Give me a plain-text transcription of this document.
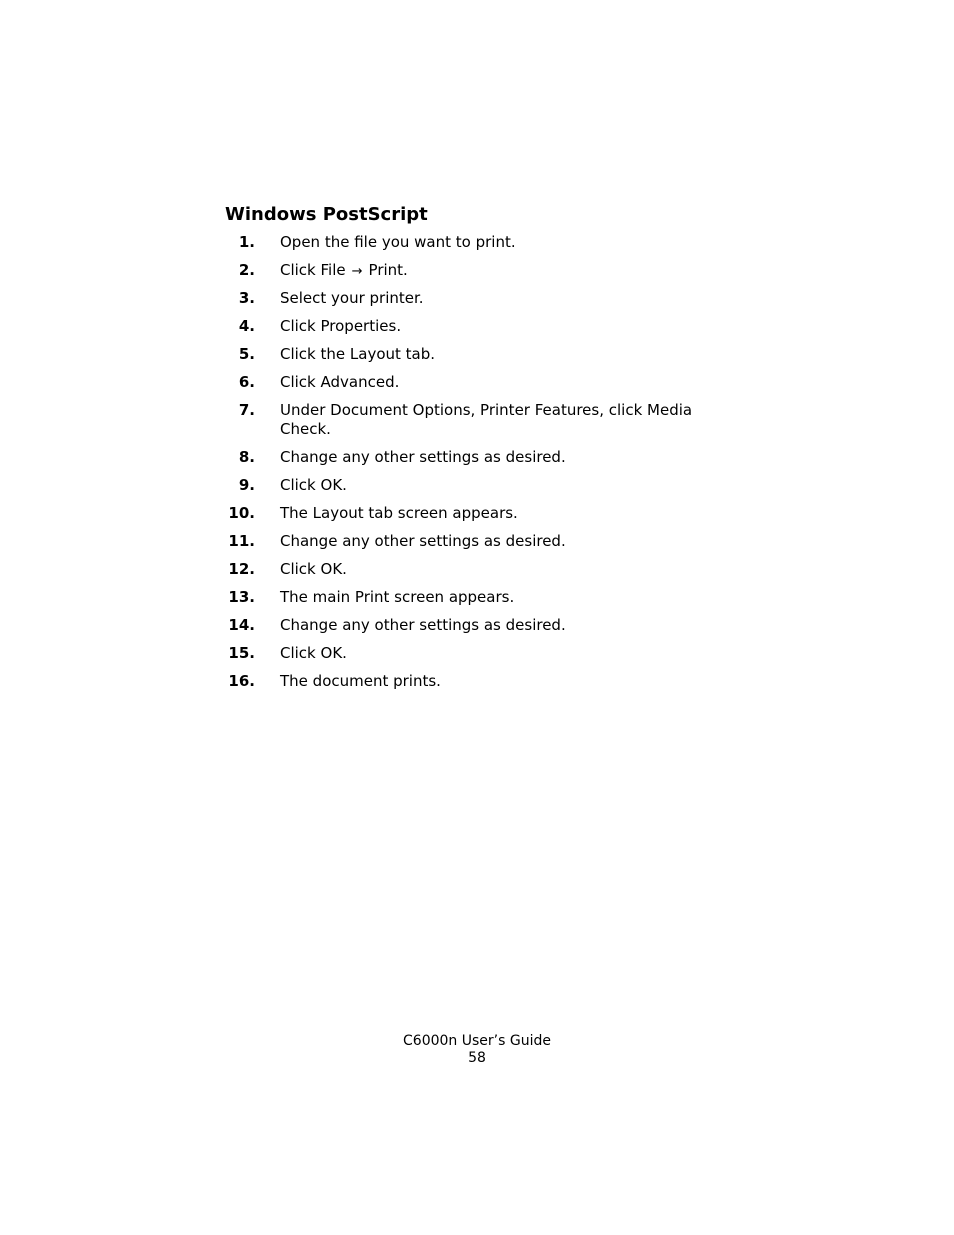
Windows PostScript
1. Open the file you want to print.
2. Click File → Print.
3. Select your printer.
4. Click Properties.
5. Click the Layout tab.
6. Click Advanced.
7. Under Document Options, Printer Features, click Media Check.
8. Change any other settings as desired.
9. Click OK.
10. The Layout tab screen appears.
11. Change any other settings as desired.
12. Click OK.
13. The main Print screen appears.
14. Change any other settings as desired.
15. Click OK.
16. The document prints.
C6000n User’s Guide
58
